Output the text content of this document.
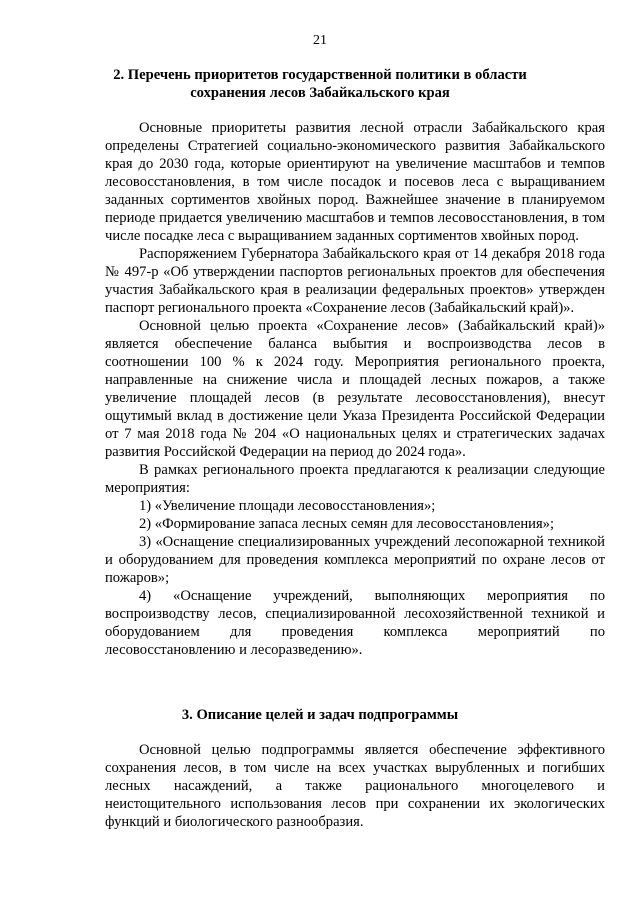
21
2. Перечень приоритетов государственной политики в области
сохранения лесов Забайкальского края

Основные приоритеты развития лесной отрасли Забайкальского края определены Стратегией социально-экономического развития Забайкальского края до 2030 года, которые ориентируют на увеличение масштабов и темпов лесовосстановления, в том числе посадок и посевов леса с выращиванием заданных сортиментов хвойных пород. Важнейшее значение в планируемом периоде придается увеличению масштабов и темпов лесовосстановления, в том числе посадке леса с выращиванием заданных сортиментов хвойных пород.

Распоряжением Губернатора Забайкальского края от 14 декабря 2018 года № 497-р «Об утверждении паспортов региональных проектов для обеспечения участия Забайкальского края в реализации федеральных проектов» утвержден паспорт регионального проекта «Сохранение лесов (Забайкальский край)».

Основной целью проекта «Сохранение лесов» (Забайкальский край)» является обеспечение баланса выбытия и воспроизводства лесов в соотношении 100 % к 2024 году. Мероприятия регионального проекта, направленные на снижение числа и площадей лесных пожаров, а также увеличение площадей лесов (в результате лесовосстановления), внесут ощутимый вклад в достижение цели Указа Президента Российской Федерации от 7 мая 2018 года № 204 «О национальных целях и стратегических задачах развития Российской Федерации на период до 2024 года».

В рамках регионального проекта предлагаются к реализации следующие мероприятия:

1) «Увеличение площади лесовосстановления»;

2) «Формирование запаса лесных семян для лесовосстановления»;

3) «Оснащение специализированных учреждений лесопожарной техникой и оборудованием для проведения комплекса мероприятий по охране лесов от пожаров»;

4) «Оснащение учреждений, выполняющих мероприятия по воспроизводству лесов, специализированной лесохозяйственной техникой и оборудованием для проведения комплекса мероприятий по лесовосстановлению и лесоразведению».

3. Описание целей и задач подпрограммы

Основной целью подпрограммы является обеспечение эффективного сохранения лесов, в том числе на всех участках вырубленных и погибших лесных насаждений, а также рационального многоцелевого и неистощительного использования лесов при сохранении их экологических функций и биологического разнообразия.
